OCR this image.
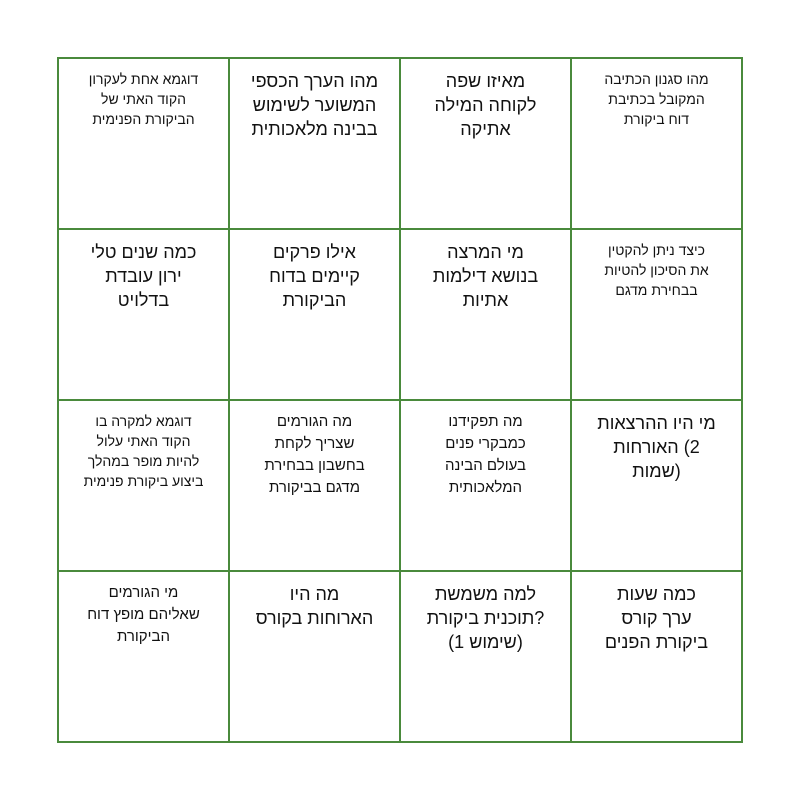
דוגמא אחת לעקרון
הקוד האתי של
הביקורת הפנימית
מהו הערך הכספי
המשוער לשימוש
בבינה מלאכותית
מאיזו שפה
לקוחה המילה
אתיקה
מהו סגנון הכתיבה
המקובל בכתיבת
דוח ביקורת
כמה שנים טלי
ירון עובדת
בדלויט
אילו פרקים
קיימים בדוח
הביקורת
מי המרצה
בנושא דילמות
אתיות
כיצד ניתן להקטין
את הסיכון להטיות
בבחירת מדגם
דוגמא למקרה בו
הקוד האתי עלול
להיות מופר במהלך
ביצוע ביקורת פנימית
מה הגורמים
שצריך לקחת
בחשבון בבחירת
מדגם בביקורת
מה תפקידנו
כמבקרי פנים
בעולם הבינה
המלאכותית
מי היו ההרצאות
2) האורחות
(שמות
מי הגורמים
שאליהם מופץ דוח
הביקורת
מה היו
הארוחות בקורס
למה משמשת
?תוכנית ביקורת
(שימוש 1)
כמה שעות
ערך קורס
ביקורת הפנים
